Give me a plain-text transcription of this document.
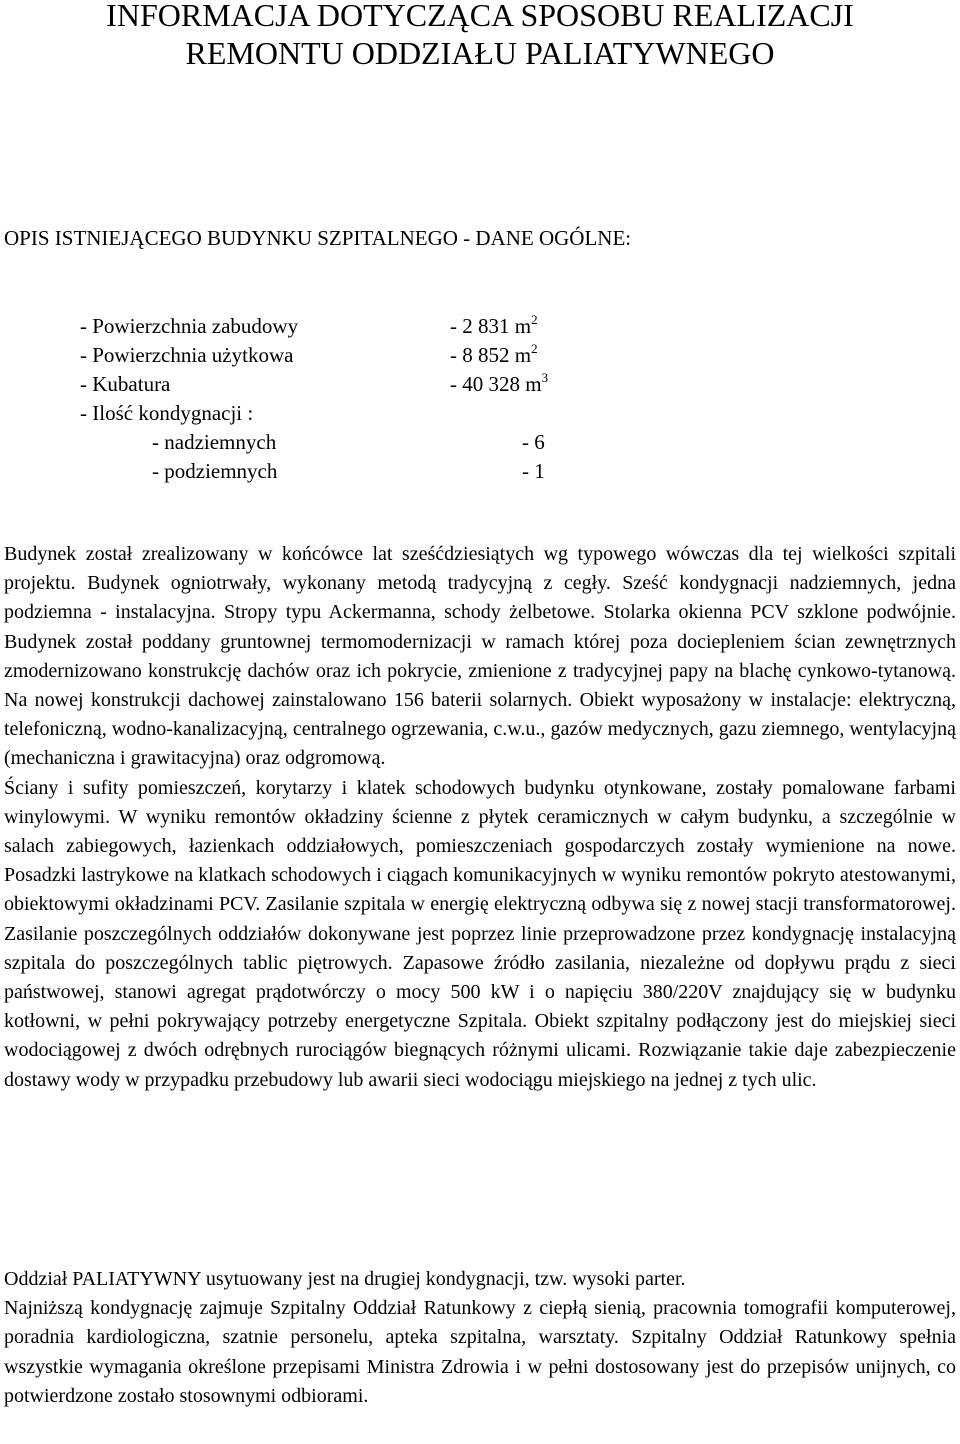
INFORMACJA DOTYCZĄCA SPOSOBU REALIZACJI
REMONTU ODDZIAŁU PALIATYWNEGO
OPIS ISTNIEJĄCEGO BUDYNKU SZPITALNEGO - DANE OGÓLNE:
- Powierzchnia zabudowy	- 2 831 $m^2$
- Powierzchnia użytkowa	- 8 852 $m^2$
- Kubatura	- 40 328 $m^3$
- Ilość kondygnacji :
- nadziemnych	- 6
- podziemnych	- 1

Budynek został zrealizowany w końcówce lat sześćdziesiątych wg typowego wówczas dla tej wielkości szpitali projektu. Budynek ogniotrwały, wykonany metodą tradycyjną z cegły. Sześć kondygnacji nadziemnych, jedna podziemna - instalacyjna. Stropy typu Ackermanna, schody żelbetowe. Stolarka okienna PCV szklone podwójnie. Budynek został poddany gruntownej termomodernizacji w ramach której poza dociepleniem ścian zewnętrznych zmodernizowano konstrukcję dachów oraz ich pokrycie, zmienione z tradycyjnej papy na blachę cynkowo-tytanową. Na nowej konstrukcji dachowej zainstalowano 156 baterii solarnych. Obiekt wyposażony w instalacje: elektryczną, telefoniczną, wodno-kanalizacyjną, centralnego ogrzewania, c.w.u., gazów medycznych, gazu ziemnego, wentylacyjną (mechaniczna i grawitacyjna) oraz odgromową.

Ściany i sufity pomieszczeń, korytarzy i klatek schodowych budynku otynkowane, zostały pomalowane farbami winylowymi. W wyniku remontów okładziny ścienne z płytek ceramicznych w całym budynku, a szczególnie w salach zabiegowych, łazienkach oddziałowych, pomieszczeniach gospodarczych zostały wymienione na nowe. Posadzki lastrykowe na klatkach schodowych i ciągach komunikacyjnych w wyniku remontów pokryto atestowanymi, obiektowymi okładzinami PCV. Zasilanie szpitala w energię elektryczną odbywa się z nowej stacji transformatorowej. Zasilanie poszczególnych oddziałów dokonywane jest poprzez linie przeprowadzone przez kondygnację instalacyjną szpitala do poszczególnych tablic piętrowych. Zapasowe źródło zasilania, niezależne od dopływu prądu z sieci państwowej, stanowi agregat prądotwórczy o mocy 500 kW i o napięciu 380/220V znajdujący się w budynku kotłowni, w pełni pokrywający potrzeby energetyczne Szpitala. Obiekt szpitalny podłączony jest do miejskiej sieci wodociągowej z dwóch odrębnych rurociągów biegnących różnymi ulicami. Rozwiązanie takie daje zabezpieczenie dostawy wody w przypadku przebudowy lub awarii sieci wodociągu miejskiego na jednej z tych ulic.

Oddział PALIATYWNY usytuowany jest na drugiej kondygnacji, tzw. wysoki parter.

Najniższą kondygnację zajmuje Szpitalny Oddział Ratunkowy z ciepłą sienią, pracownia tomografii komputerowej, poradnia kardiologiczna, szatnie personelu, apteka szpitalna, warsztaty. Szpitalny Oddział Ratunkowy spełnia wszystkie wymagania określone przepisami Ministra Zdrowia i w pełni dostosowany jest do przepisów unijnych, co potwierdzone zostało stosownymi odbiorami.
